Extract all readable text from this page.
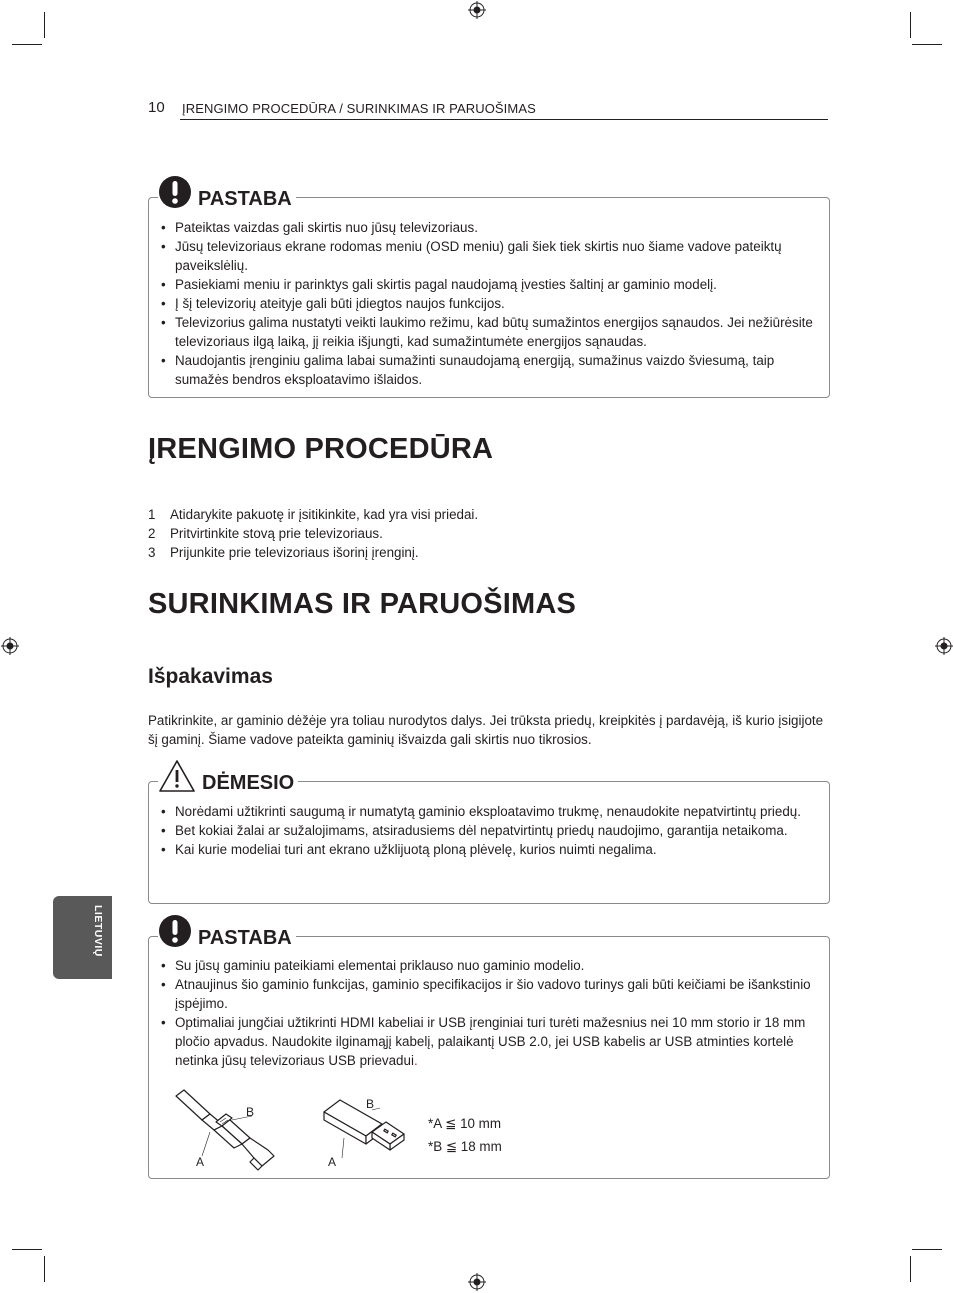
10 ĮRENGIMO PROCEDŪRA / SURINKIMAS IR PARUOŠIMAS
PASTABA
• Pateiktas vaizdas gali skirtis nuo jūsų televizoriaus.
• Jūsų televizoriaus ekrane rodomas meniu (OSD meniu) gali šiek tiek skirtis nuo šiame vadove pateiktų paveikslėlių.
• Pasiekiami meniu ir parinktys gali skirtis pagal naudojamą įvesties šaltinį ar gaminio modelį.
• Į šį televizorių ateityje gali būti įdiegtos naujos funkcijos.
• Televizorius galima nustatyti veikti laukimo režimu, kad būtų sumažintos energijos sąnaudos. Jei nežiūrėsite televizoriaus ilgą laiką, jį reikia išjungti, kad sumažintumėte energijos sąnaudas.
• Naudojantis įrenginiu galima labai sumažinti sunaudojamą energiją, sumažinus vaizdo šviesumą, taip sumažės bendros eksploatavimo išlaidos.
ĮRENGIMO PROCEDŪRA
1 Atidarykite pakuotę ir įsitikinkite, kad yra visi priedai.
2 Pritvirtinkite stovą prie televizoriaus.
3 Prijunkite prie televizoriaus išorinį įrenginį.
SURINKIMAS IR PARUOŠIMAS
Išpakavimas
Patikrinkite, ar gaminio dėžėje yra toliau nurodytos dalys. Jei trūksta priedų, kreipkitės į pardavėją, iš kurio įsigijote šį gaminį. Šiame vadove pateikta gaminių išvaizda gali skirtis nuo tikrosios.
DĖMESIO
• Norėdami užtikrinti saugumą ir numatytą gaminio eksploatavimo trukmę, nenaudokite nepatvirtintų priedų.
• Bet kokiai žalai ar sužalojimams, atsiradusiems dėl nepatvirtintų priedų naudojimo, garantija netaikoma.
• Kai kurie modeliai turi ant ekrano užklijuotą ploną plėvelę, kurios nuimti negalima.
PASTABA
• Su jūsų gaminiu pateikiami elementai priklauso nuo gaminio modelio.
• Atnaujinus šio gaminio funkcijas, gaminio specifikacijos ir šio vadovo turinys gali būti keičiami be išankstinio įspėjimo.
• Optimaliai jungčiai užtikrinti HDMI kabeliai ir USB įrenginiai turi turėti mažesnius nei 10 mm storio ir 18 mm pločio apvadus. Naudokite ilginamąjį kabelį, palaikantį USB 2.0, jei USB kabelis ar USB atminties kortelė netinka jūsų televizoriaus USB prievadui.
B
A
B
A
*A ≦ 10 mm
*B ≦ 18 mm
LIETUVIŲ
